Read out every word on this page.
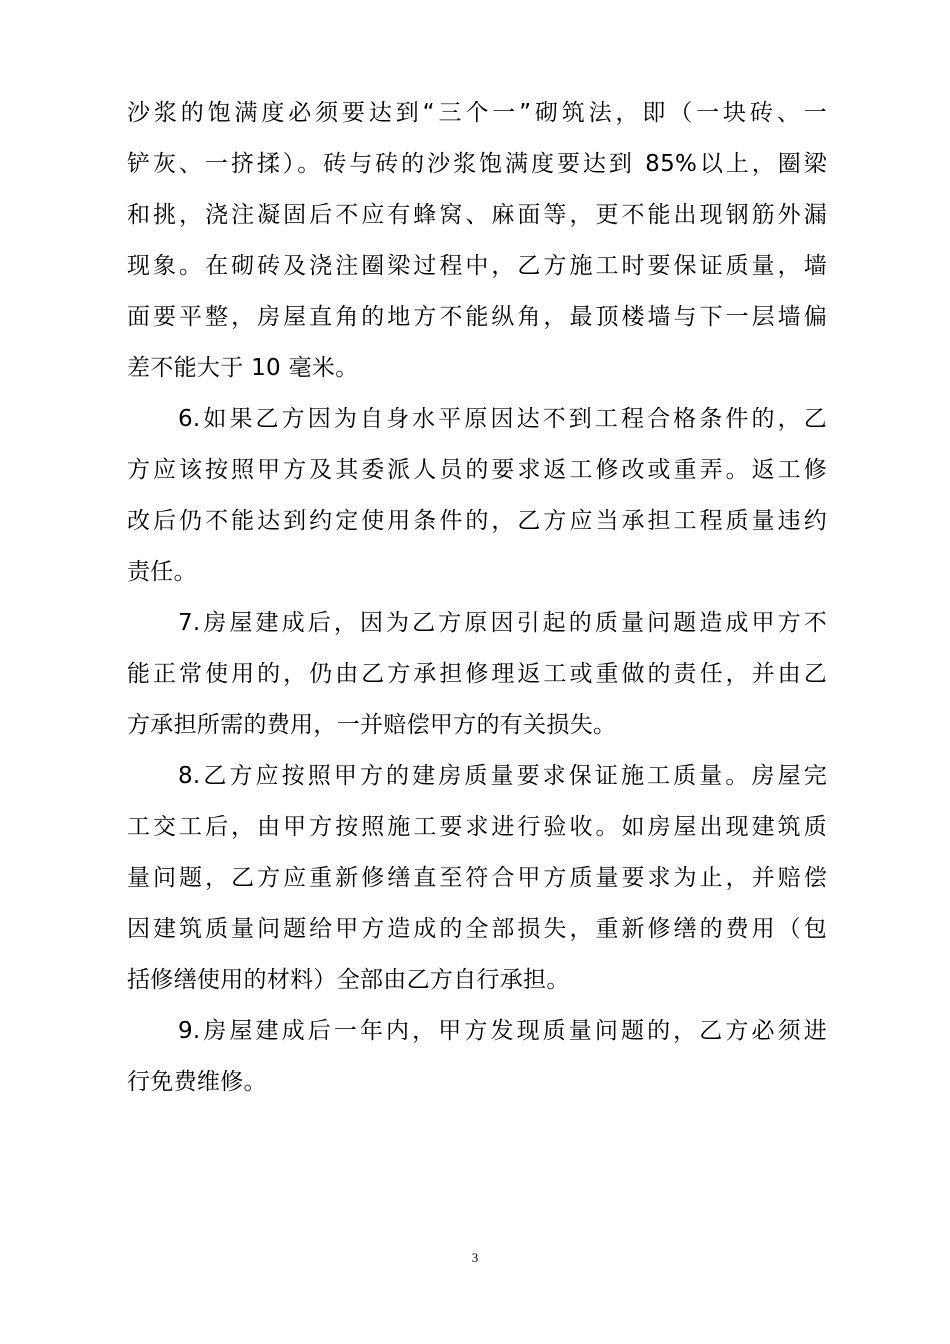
沙浆的饱满度必须要达到“三个一”砌筑法，即（一块砖、一
铲灰、一挤揉）。砖与砖的沙浆饱满度要达到 85%以上，圈梁
和挑，浇注凝固后不应有蜂窝、麻面等，更不能出现钢筋外漏
现象。在砌砖及浇注圈梁过程中，乙方施工时要保证质量，墙
面要平整，房屋直角的地方不能纵角，最顶楼墙与下一层墙偏
差不能大于 10 毫米。
6.如果乙方因为自身水平原因达不到工程合格条件的，乙
方应该按照甲方及其委派人员的要求返工修改或重弄。返工修
改后仍不能达到约定使用条件的，乙方应当承担工程质量违约
责任。
7.房屋建成后，因为乙方原因引起的质量问题造成甲方不
能正常使用的，仍由乙方承担修理返工或重做的责任，并由乙
方承担所需的费用，一并赔偿甲方的有关损失。
8.乙方应按照甲方的建房质量要求保证施工质量。房屋完
工交工后，由甲方按照施工要求进行验收。如房屋出现建筑质
量问题，乙方应重新修缮直至符合甲方质量要求为止，并赔偿
因建筑质量问题给甲方造成的全部损失，重新修缮的费用（包
括修缮使用的材料）全部由乙方自行承担。
9.房屋建成后一年内，甲方发现质量问题的，乙方必须进
行免费维修。
3
